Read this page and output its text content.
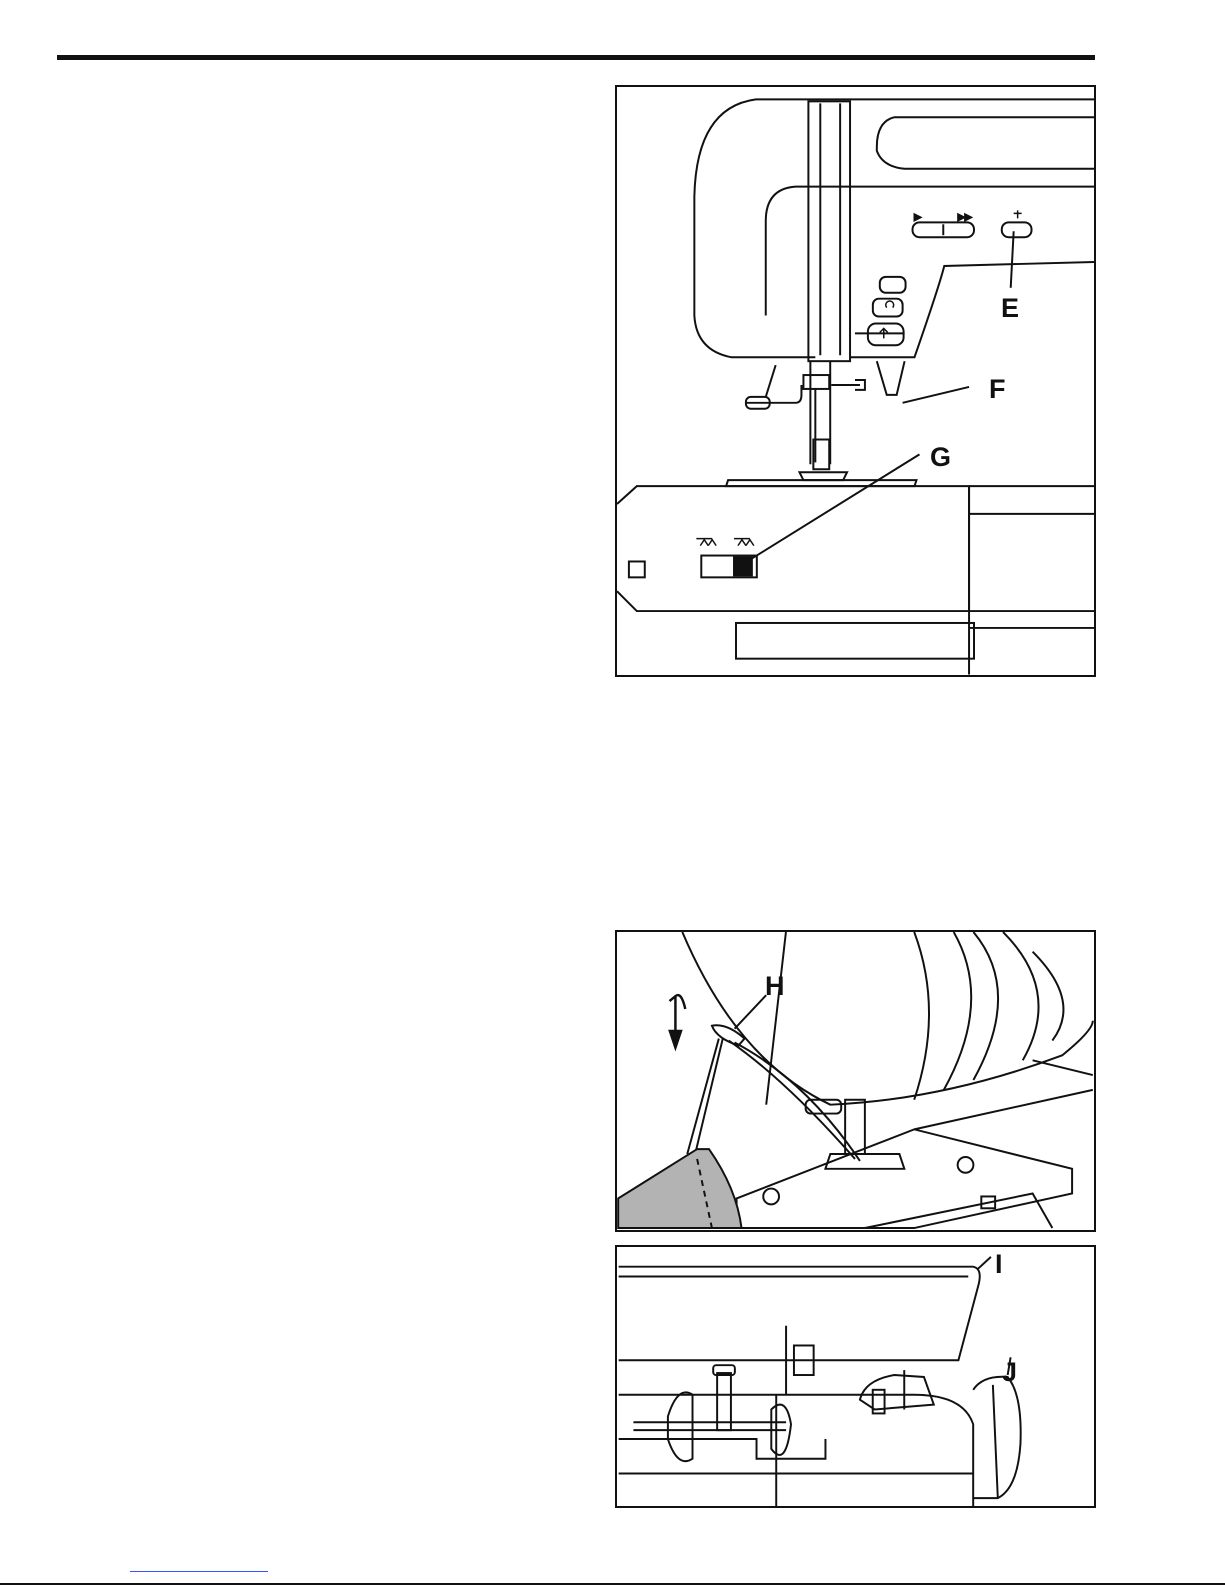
E
F
G
H
I
J
